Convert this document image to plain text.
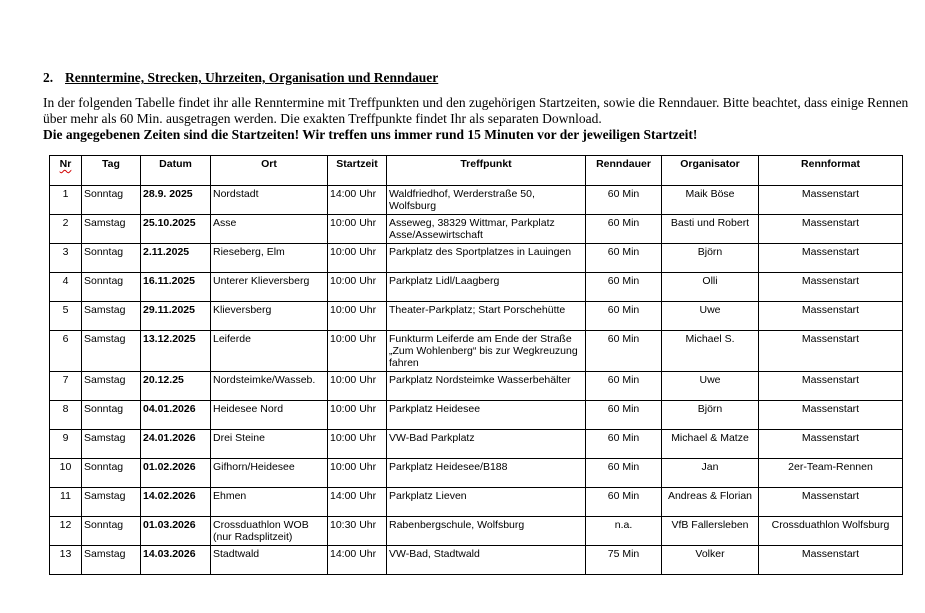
2. Renntermine, Strecken, Uhrzeiten, Organisation und Renndauer

In der folgenden Tabelle findet ihr alle Renntermine mit Treffpunkten und den zugehörigen Startzeiten, sowie die Renndauer. Bitte beachtet, dass einige Rennen über mehr als 60 Min. ausgetragen werden. Die exakten Treffpunkte findet Ihr als separaten Download.

Die angegebenen Zeiten sind die Startzeiten! Wir treffen uns immer rund 15 Minuten vor der jeweiligen Startzeit!

Nr	Tag	Datum	Ort	Startzeit	Treffpunkt	Renndauer	Organisator	Rennformat
1	Sonntag	28.9. 2025	Nordstadt	14:00 Uhr	Waldfriedhof, Werderstraße 50, Wolfsburg	60 Min	Maik Böse	Massenstart
2	Samstag	25.10.2025	Asse	10:00 Uhr	Asseweg, 38329 Wittmar, Parkplatz Asse/Assewirtschaft	60 Min	Basti und Robert	Massenstart
3	Sonntag	2.11.2025	Rieseberg, Elm	10:00 Uhr	Parkplatz des Sportplatzes in Lauingen	60 Min	Björn	Massenstart
4	Sonntag	16.11.2025	Unterer Klieversberg	10:00 Uhr	Parkplatz Lidl/Laagberg	60 Min	Olli	Massenstart
5	Samstag	29.11.2025	Klieversberg	10:00 Uhr	Theater-Parkplatz; Start Porschehütte	60 Min	Uwe	Massenstart
6	Samstag	13.12.2025	Leiferde	10:00 Uhr	Funkturm Leiferde am Ende der Straße „Zum Wohlenberg“ bis zur Wegkreuzung fahren	60 Min	Michael S.	Massenstart
7	Samstag	20.12.25	Nordsteimke/Wasseb.	10:00 Uhr	Parkplatz Nordsteimke Wasserbehälter	60 Min	Uwe	Massenstart
8	Sonntag	04.01.2026	Heidesee Nord	10:00 Uhr	Parkplatz Heidesee	60 Min	Björn	Massenstart
9	Samstag	24.01.2026	Drei Steine	10:00 Uhr	VW-Bad Parkplatz	60 Min	Michael & Matze	Massenstart
10	Sonntag	01.02.2026	Gifhorn/Heidesee	10:00 Uhr	Parkplatz Heidesee/B188	60 Min	Jan	2er-Team-Rennen
11	Samstag	14.02.2026	Ehmen	14:00 Uhr	Parkplatz Lieven	60 Min	Andreas & Florian	Massenstart
12	Sonntag	01.03.2026	Crossduathlon WOB (nur Radsplitzeit)	10:30 Uhr	Rabenbergschule, Wolfsburg	n.a.	VfB Fallersleben	Crossduathlon Wolfsburg
13	Samstag	14.03.2026	Stadtwald	14:00 Uhr	VW-Bad, Stadtwald	75 Min	Volker	Massenstart
